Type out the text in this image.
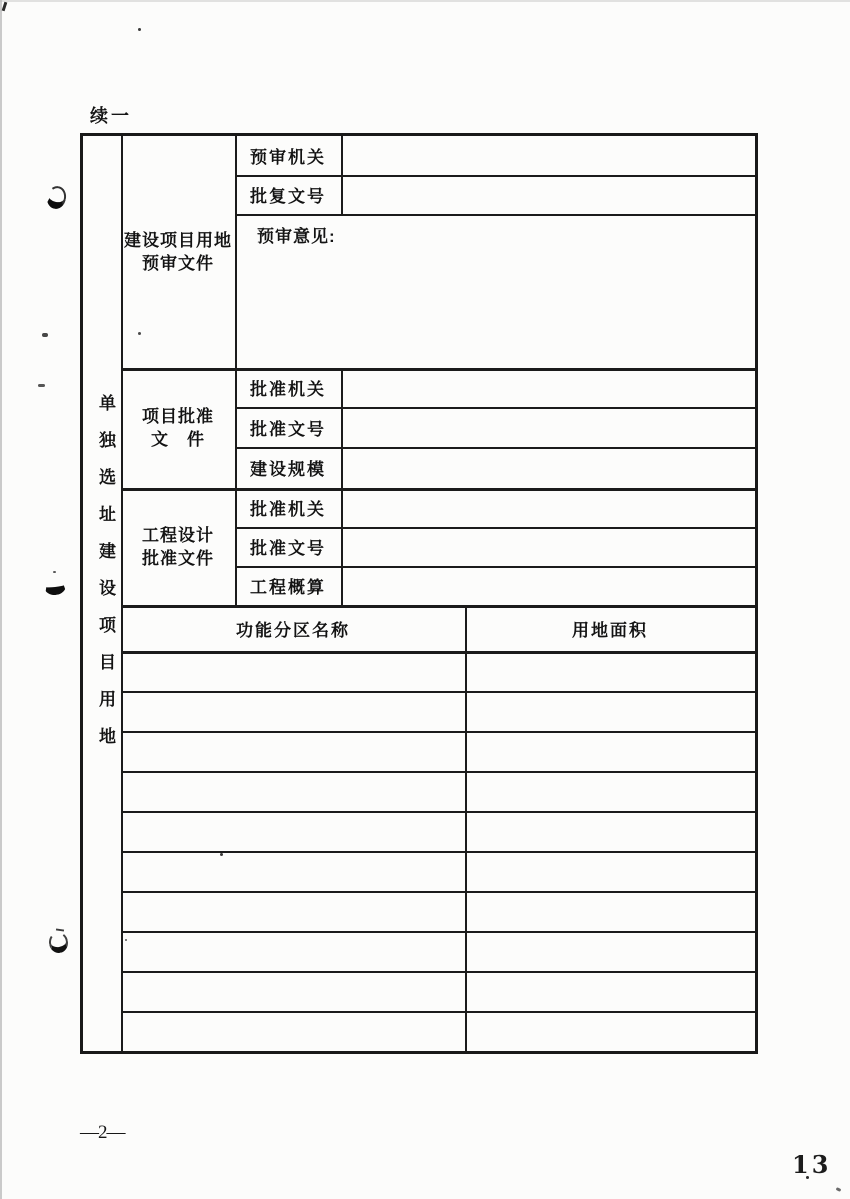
续一
单独选址建设项目用地
建设项目用地
预审文件
项目批准
文　件
工程设计
批准文件
预审机关
批复文号
批准机关
批准文号
建设规模
批准机关
批准文号
工程概算
预审意见:
功能分区名称	用地面积
—2—
13
